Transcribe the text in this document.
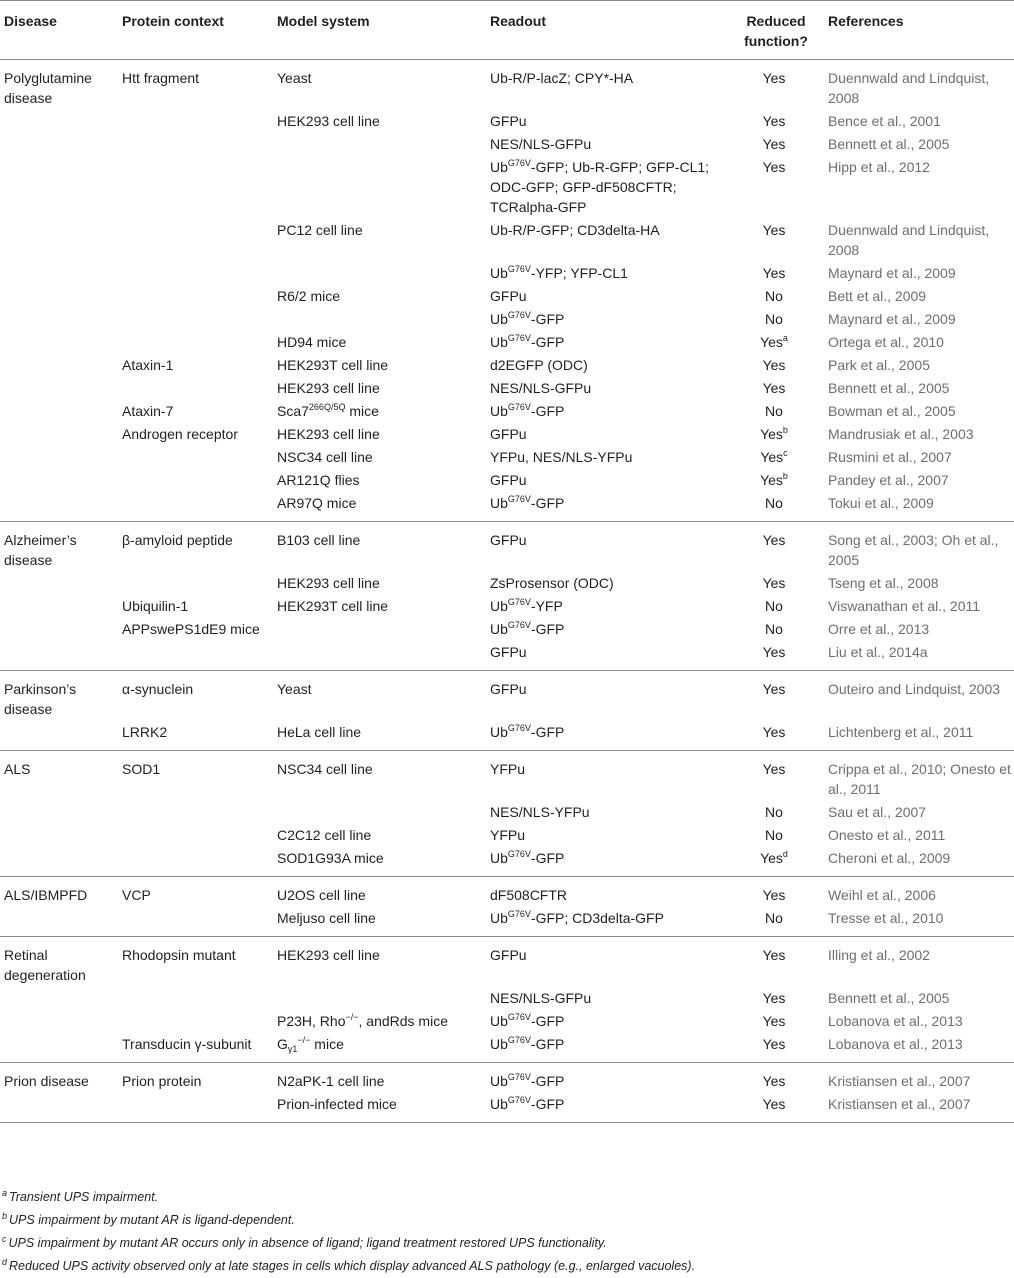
Disease	Protein context	Model system	Readout	Reduced function?	References
Polyglutamine disease	Htt fragment	Yeast	Ub-R/P-lacZ; CPY*-HA	Yes	Duennwald and Lindquist, 2008
		HEK293 cell line	GFPu	Yes	Bence et al., 2001
			NES/NLS-GFPu	Yes	Bennett et al., 2005
			$Ub^{G76V}$-GFP; Ub-R-GFP; GFP-CL1; ODC-GFP; GFP-dF508CFTR; TCRalpha-GFP	Yes	Hipp et al., 2012
		PC12 cell line	Ub-R/P-GFP; CD3delta-HA	Yes	Duennwald and Lindquist, 2008
			$Ub^{G76V}$-YFP; YFP-CL1	Yes	Maynard et al., 2009
		R6/2 mice	GFPu	No	Bett et al., 2009
			$Ub^{G76V}$-GFP	No	Maynard et al., 2009
		HD94 mice	$Ub^{G76V}$-GFP	Yes$^a$	Ortega et al., 2010
	Ataxin-1	HEK293T cell line	d2EGFP (ODC)	Yes	Park et al., 2005
		HEK293 cell line	NES/NLS-GFPu	Yes	Bennett et al., 2005
	Ataxin-7	$Sca7^{266Q/5Q}$ mice	$Ub^{G76V}$-GFP	No	Bowman et al., 2005
	Androgen receptor	HEK293 cell line	GFPu	Yes$^b$	Mandrusiak et al., 2003
		NSC34 cell line	YFPu, NES/NLS-YFPu	Yes$^c$	Rusmini et al., 2007
		AR121Q flies	GFPu	Yes$^b$	Pandey et al., 2007
		AR97Q mice	$Ub^{G76V}$-GFP	No	Tokui et al., 2009
Alzheimer’s disease	β-amyloid peptide	B103 cell line	GFPu	Yes	Song et al., 2003; Oh et al., 2005
		HEK293 cell line	ZsProsensor (ODC)	Yes	Tseng et al., 2008
	Ubiquilin-1	HEK293T cell line	$Ub^{G76V}$-YFP	No	Viswanathan et al., 2011
	APPswePS1dE9 mice		$Ub^{G76V}$-GFP	No	Orre et al., 2013
			GFPu	Yes	Liu et al., 2014a
Parkinson’s disease	α-synuclein	Yeast	GFPu	Yes	Outeiro and Lindquist, 2003
	LRRK2	HeLa cell line	$Ub^{G76V}$-GFP	Yes	Lichtenberg et al., 2011
ALS	SOD1	NSC34 cell line	YFPu	Yes	Crippa et al., 2010; Onesto et al., 2011
			NES/NLS-YFPu	No	Sau et al., 2007
		C2C12 cell line	YFPu	No	Onesto et al., 2011
		SOD1G93A mice	$Ub^{G76V}$-GFP	Yes$^d$	Cheroni et al., 2009
ALS/IBMPFD	VCP	U2OS cell line	dF508CFTR	Yes	Weihl et al., 2006
		Meljuso cell line	$Ub^{G76V}$-GFP; CD3delta-GFP	No	Tresse et al., 2010
Retinal degeneration	Rhodopsin mutant	HEK293 cell line	GFPu	Yes	Illing et al., 2002
			NES/NLS-GFPu	Yes	Bennett et al., 2005
		P23H, Rho−/−, andRds mice	$Ub^{G76V}$-GFP	Yes	Lobanova et al., 2013
	Transducin γ-subunit	$G_{\gamma 1}^{-/-}$ mice	$Ub^{G76V}$-GFP	Yes	Lobanova et al., 2013
Prion disease	Prion protein	N2aPK-1 cell line	$Ub^{G76V}$-GFP	Yes	Kristiansen et al., 2007
		Prion-infected mice	$Ub^{G76V}$-GFP	Yes	Kristiansen et al., 2007
$^a$ Transient UPS impairment.
$^b$ UPS impairment by mutant AR is ligand-dependent.
$^c$ UPS impairment by mutant AR occurs only in absence of ligand; ligand treatment restored UPS functionality.
$^d$ Reduced UPS activity observed only at late stages in cells which display advanced ALS pathology (e.g., enlarged vacuoles).
